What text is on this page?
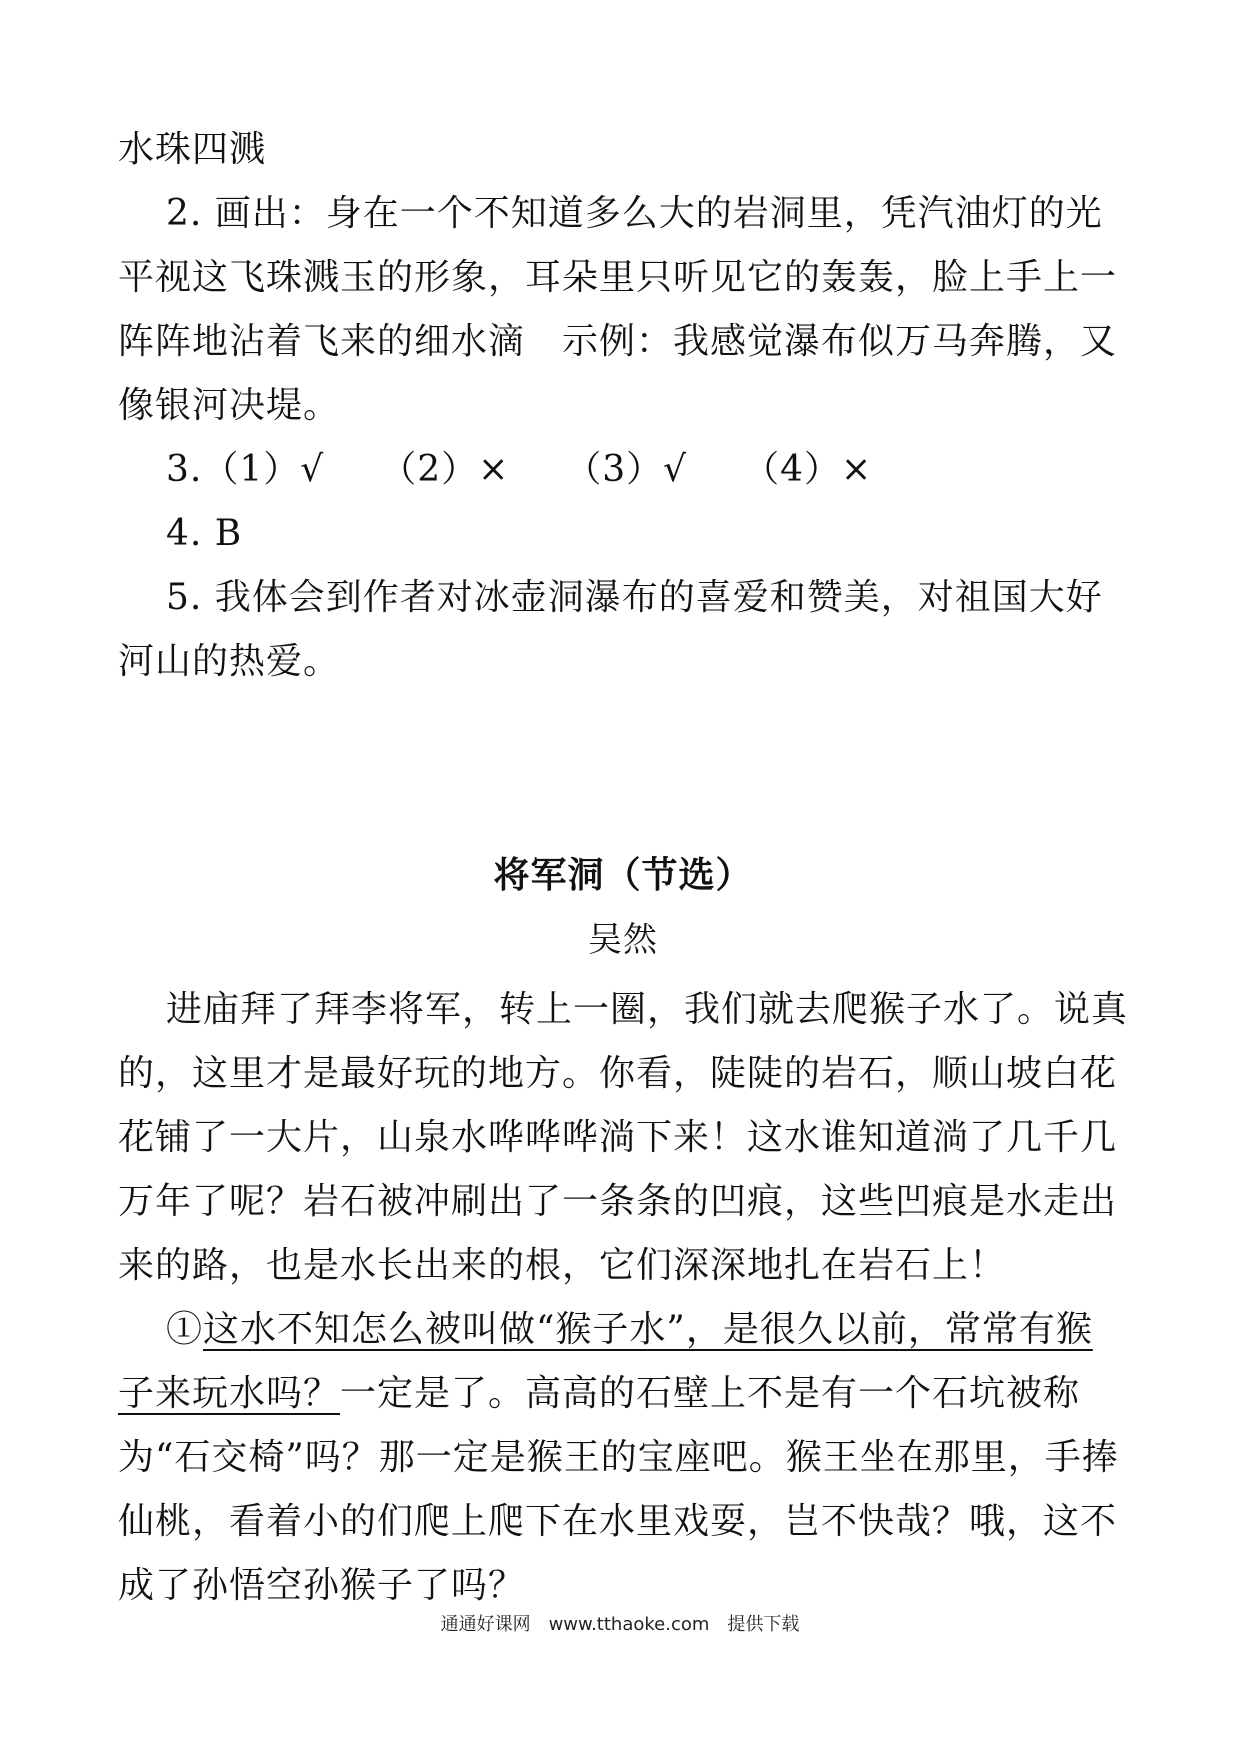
水珠四溅

2. 画出：身在一个不知道多么大的岩洞里，凭汽油灯的光平视这飞珠溅玉的形象，耳朵里只听见它的轰轰，脸上手上一阵阵地沾着飞来的细水滴　示例：我感觉瀑布似万马奔腾，又像银河决堤。

3.（1）√　　（2）×　　（3）√　　（4）×

4. B

5. 我体会到作者对冰壶洞瀑布的喜爱和赞美，对祖国大好河山的热爱。

将军洞（节选）

吴然

进庙拜了拜李将军，转上一圈，我们就去爬猴子水了。说真的，这里才是最好玩的地方。你看，陡陡的岩石，顺山坡白花花铺了一大片，山泉水哗哗哗淌下来！这水谁知道淌了几千几万年了呢？岩石被冲刷出了一条条的凹痕，这些凹痕是水走出来的路，也是水长出来的根，它们深深地扎在岩石上！

①这水不知怎么被叫做“猴子水”，是很久以前，常常有猴子来玩水吗？一定是了。高高的石壁上不是有一个石坑被称为“石交椅”吗？那一定是猴王的宝座吧。猴王坐在那里，手捧仙桃，看着小的们爬上爬下在水里戏耍，岂不快哉？哦，这不成了孙悟空孙猴子了吗？

通通好课网　www.tthaoke.com　提供下载
